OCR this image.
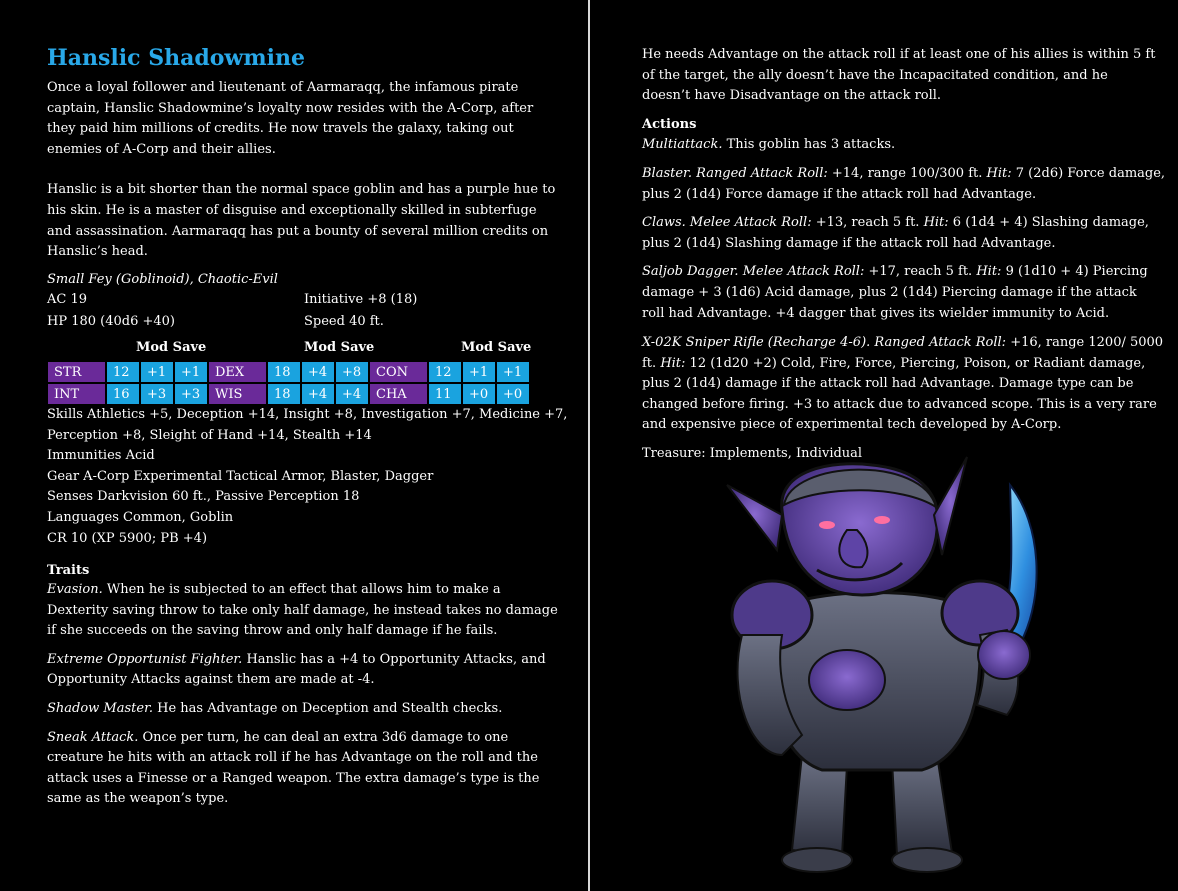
Hanslic Shadowmine

Once a loyal follower and lieutenant of Aarmaraqq, the infamous pirate

captain, Hanslic Shadowmine’s loyalty now resides with the A-Corp, after

they paid him millions of credits. He now travels the galaxy, taking out

enemies of A-Corp and their allies.

Hanslic is a bit shorter than the normal space goblin and has a purple hue to

his skin. He is a master of disguise and exceptionally skilled in subterfuge

and assassination. Aarmaraqq has put a bounty of several million credits on

Hanslic’s head.

Small Fey (Goblinoid), Chaotic-Evil

AC 19	Initiative +8 (18)
HP 180 (40d6 +40)	Speed 40 ft.
Mod Save	Mod Save	Mod Save
STR	12	+1	+1	DEX	18	+4	+8	CON	12	+1	+1
INT	16	+3	+3	WIS	18	+4	+4	CHA	11	+0	+0

Skills Athletics +5, Deception +14, Insight +8, Investigation +7, Medicine +7,

Perception +8, Sleight of Hand +14, Stealth +14

Immunities Acid

Gear A-Corp Experimental Tactical Armor, Blaster, Dagger

Senses Darkvision 60 ft., Passive Perception 18

Languages Common, Goblin

CR 10 (XP 5900; PB +4)

Traits

Evasion. When he is subjected to an effect that allows him to make a

Dexterity saving throw to take only half damage, he instead takes no damage

if she succeeds on the saving throw and only half damage if he fails.

Extreme Opportunist Fighter. Hanslic has a +4 to Opportunity Attacks, and

Opportunity Attacks against them are made at -4.

Shadow Master. He has Advantage on Deception and Stealth checks.

Sneak Attack. Once per turn, he can deal an extra 3d6 damage to one

creature he hits with an attack roll if he has Advantage on the roll and the

attack uses a Finesse or a Ranged weapon. The extra damage’s type is the

same as the weapon’s type.

He needs Advantage on the attack roll if at least one of his allies is within 5 ft

of the target, the ally doesn’t have the Incapacitated condition, and he

doesn’t have Disadvantage on the attack roll.

Actions

Multiattack. This goblin has 3 attacks.

Blaster. Ranged Attack Roll: +14, range 100/300 ft. Hit: 7 (2d6) Force damage,

plus 2 (1d4) Force damage if the attack roll had Advantage.

Claws. Melee Attack Roll: +13, reach 5 ft. Hit: 6 (1d4 + 4) Slashing damage,

plus 2 (1d4) Slashing damage if the attack roll had Advantage.

Saljob Dagger. Melee Attack Roll: +17, reach 5 ft. Hit: 9 (1d10 + 4) Piercing

damage + 3 (1d6) Acid damage, plus 2 (1d4) Piercing damage if the attack

roll had Advantage. +4 dagger that gives its wielder immunity to Acid.

X-02K Sniper Rifle (Recharge 4-6). Ranged Attack Roll: +16, range 1200/ 5000

ft. Hit: 12 (1d20 +2) Cold, Fire, Force, Piercing, Poison, or Radiant damage,

plus 2 (1d4) damage if the attack roll had Advantage. Damage type can be

changed before firing. +3 to attack due to advanced scope. This is a very rare

and expensive piece of experimental tech developed by A-Corp.

Treasure: Implements, Individual
